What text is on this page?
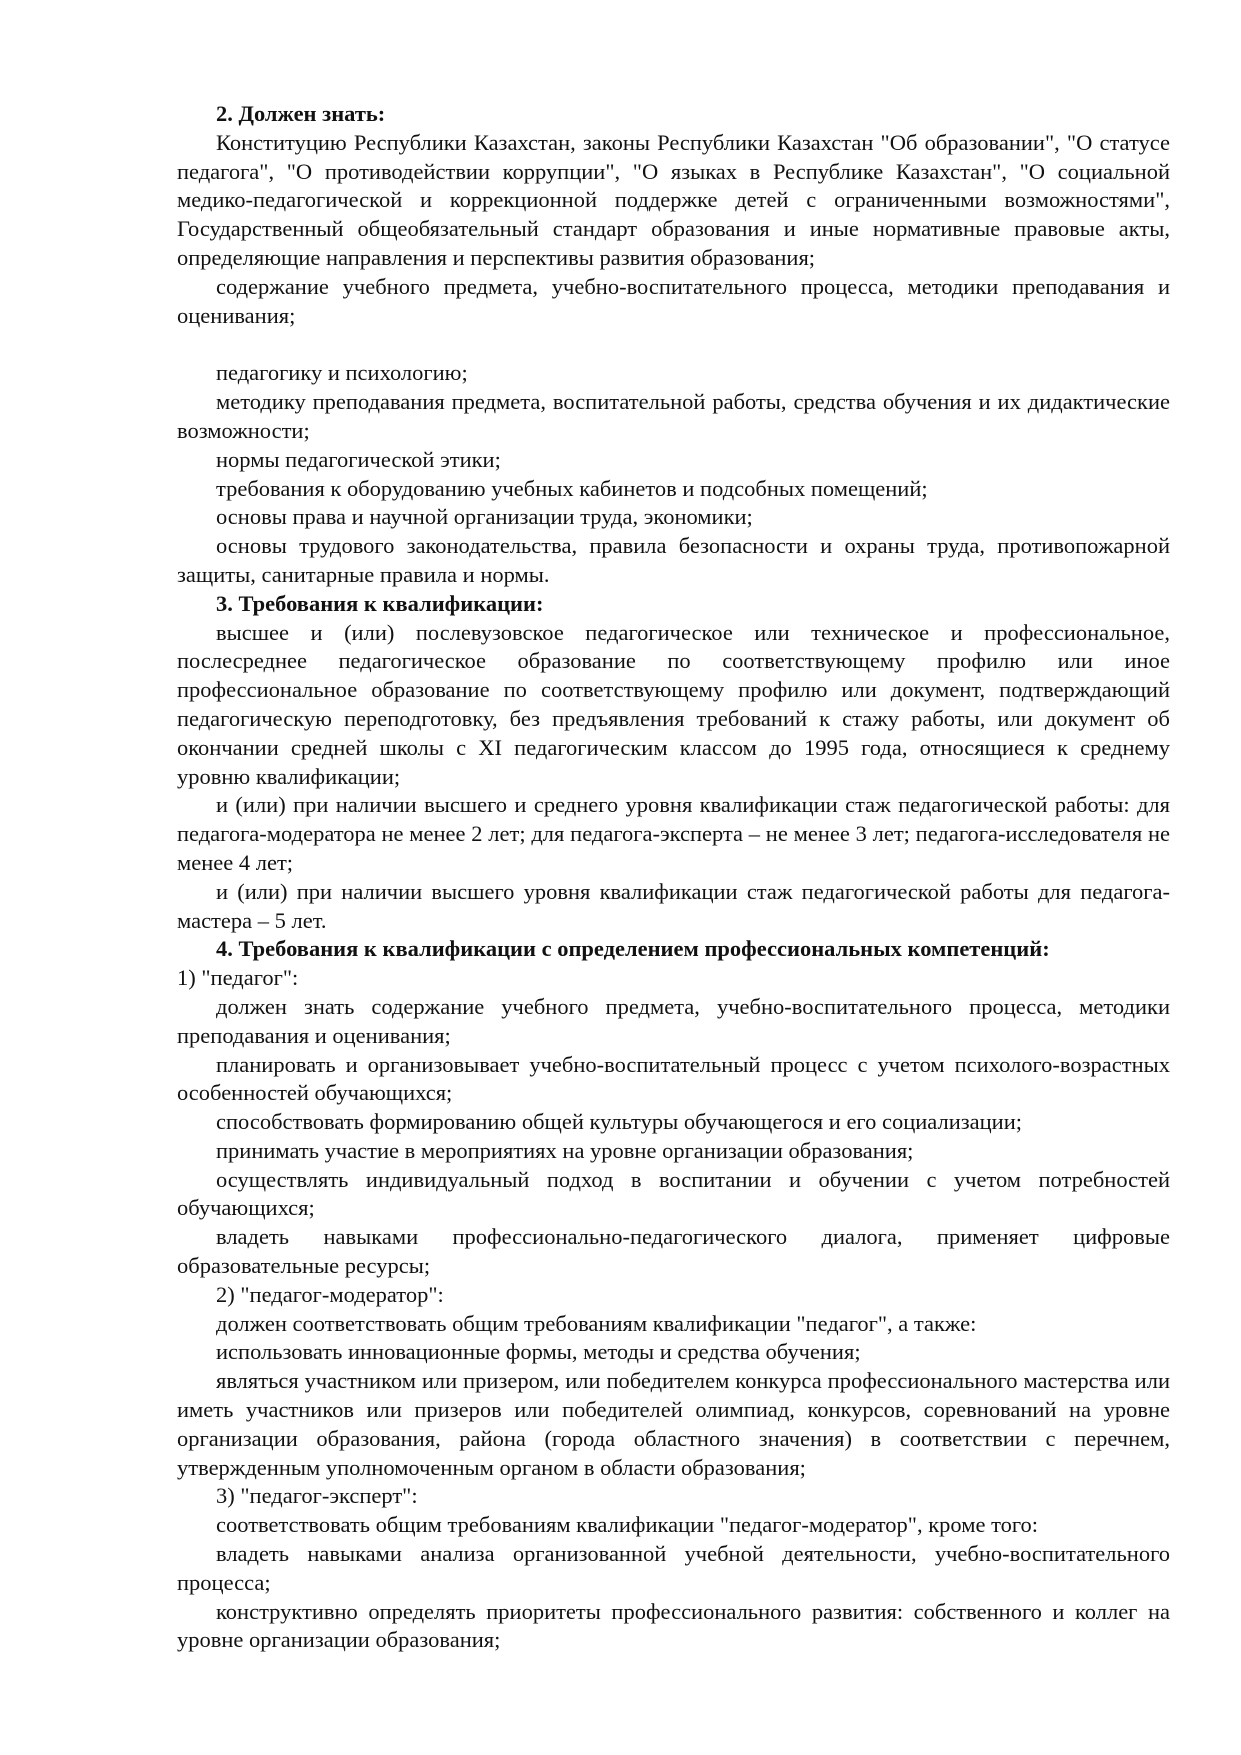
2. Должен знать:

Конституцию Республики Казахстан, законы Республики Казахстан "Об образовании", "О статусе педагога", "О противодействии коррупции", "О языках в Республике Казахстан", "О социальной медико-педагогической и коррекционной поддержке детей с ограниченными возможностями", Государственный общеобязательный стандарт образования и иные нормативные правовые акты, определяющие направления и перспективы развития образования;

содержание учебного предмета, учебно-воспитательного процесса, методики преподавания и оценивания;

педагогику и психологию;

методику преподавания предмета, воспитательной работы, средства обучения и их дидактические возможности;

нормы педагогической этики;

требования к оборудованию учебных кабинетов и подсобных помещений;

основы права и научной организации труда, экономики;

основы трудового законодательства, правила безопасности и охраны труда, противопожарной защиты, санитарные правила и нормы.

3. Требования к квалификации:

высшее и (или) послевузовское педагогическое или техническое и профессиональное, послесреднее педагогическое образование по соответствующему профилю или иное профессиональное образование по соответствующему профилю или документ, подтверждающий педагогическую переподготовку, без предъявления требований к стажу работы, или документ об окончании средней школы с XI педагогическим классом до 1995 года, относящиеся к среднему уровню квалификации;

и (или) при наличии высшего и среднего уровня квалификации стаж педагогической работы: для педагога-модератора не менее 2 лет; для педагога-эксперта – не менее 3 лет; педагога-исследователя не менее 4 лет;

и (или) при наличии высшего уровня квалификации стаж педагогической работы для педагога-мастера – 5 лет.

4. Требования к квалификации с определением профессиональных компетенций:

1) "педагог":

должен знать содержание учебного предмета, учебно-воспитательного процесса, методики преподавания и оценивания;

планировать и организовывает учебно-воспитательный процесс с учетом психолого-возрастных особенностей обучающихся;

способствовать формированию общей культуры обучающегося и его социализации;

принимать участие в мероприятиях на уровне организации образования;

осуществлять индивидуальный подход в воспитании и обучении с учетом потребностей обучающихся;

владеть навыками профессионально-педагогического диалога, применяет цифровые образовательные ресурсы;

2) "педагог-модератор":

должен соответствовать общим требованиям квалификации "педагог", а также:

использовать инновационные формы, методы и средства обучения;

являться участником или призером, или победителем конкурса профессионального мастерства или иметь участников или призеров или победителей олимпиад, конкурсов, соревнований на уровне организации образования, района (города областного значения) в соответствии с перечнем, утвержденным уполномоченным органом в области образования;

3) "педагог-эксперт":

соответствовать общим требованиям квалификации "педагог-модератор", кроме того:

владеть навыками анализа организованной учебной деятельности, учебно-воспитательного процесса;

конструктивно определять приоритеты профессионального развития: собственного и коллег на уровне организации образования;
